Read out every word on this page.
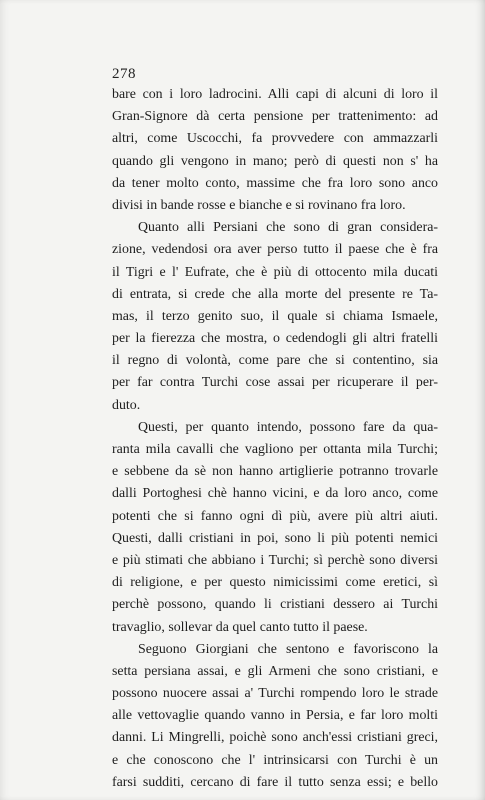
278
bare con i loro ladrocini. Alli capi di alcuni di loro il
Gran-Signore dà certa pensione per trattenimento: ad
altri, come Uscocchi, fa provvedere con ammazzarli
quando gli vengono in mano; però di questi non s' ha
da tener molto conto, massime che fra loro sono anco
divisi in bande rosse e bianche e si rovinano fra loro.
Quanto alli Persiani che sono di gran considera-
zione, vedendosi ora aver perso tutto il paese che è fra
il Tigri e l' Eufrate, che è più di ottocento mila ducati
di entrata, si crede che alla morte del presente re Ta-
mas, il terzo genito suo, il quale si chiama Ismaele,
per la fierezza che mostra, o cedendogli gli altri fratelli
il regno di volontà, come pare che si contentino, sia
per far contra Turchi cose assai per ricuperare il per-
duto.
Questi, per quanto intendo, possono fare da qua-
ranta mila cavalli che vagliono per ottanta mila Turchi;
e sebbene da sè non hanno artiglierie potranno trovarle
dalli Portoghesi chè hanno vicini, e da loro anco, come
potenti che si fanno ogni dì più, avere più altri aiuti.
Questi, dalli cristiani in poi, sono li più potenti nemici
e più stimati che abbiano i Turchi; sì perchè sono diversi
di religione, e per questo nimicissimi come eretici, sì
perchè possono, quando li cristiani dessero ai Turchi
travaglio, sollevar da quel canto tutto il paese.
Seguono Giorgiani che sentono e favoriscono la
setta persiana assai, e gli Armeni che sono cristiani, e
possono nuocere assai a' Turchi rompendo loro le strade
alle vettovaglie quando vanno in Persia, e far loro molti
danni. Li Mingrelli, poichè sono anch'essi cristiani greci,
e che conoscono che l' intrinsicarsi con Turchi è un
farsi sudditi, cercano di fare il tutto senza essi; e bello
